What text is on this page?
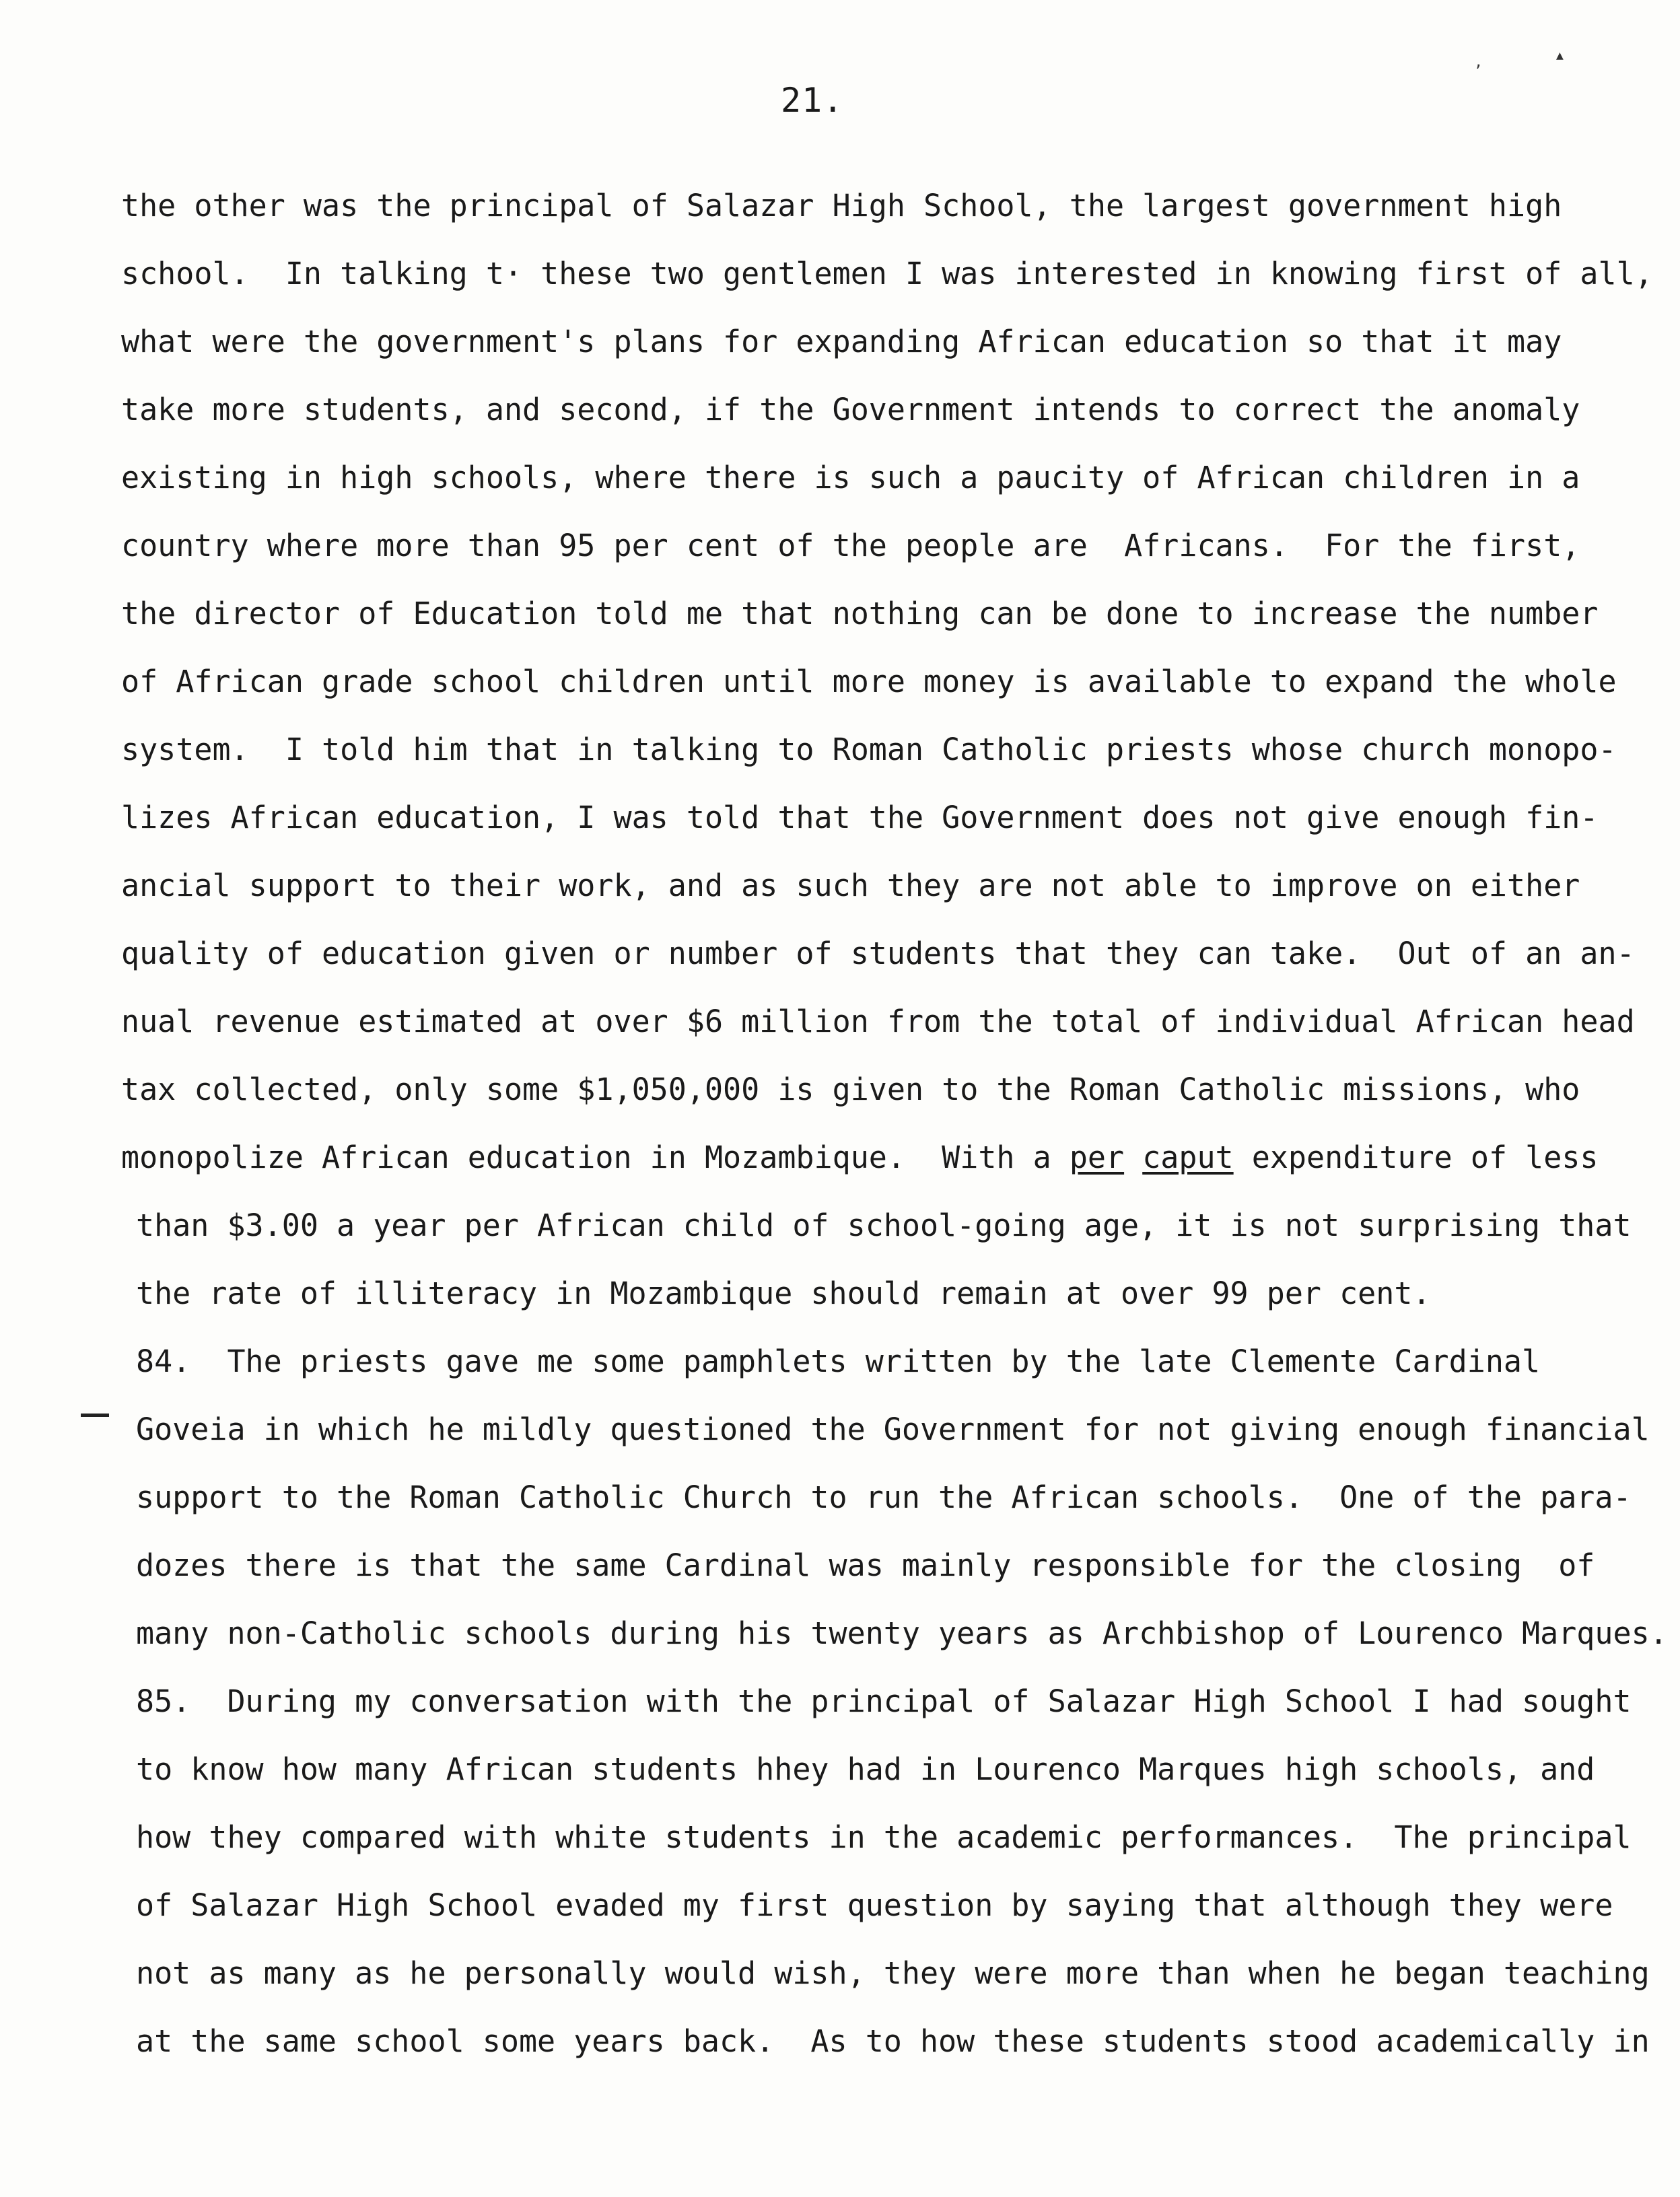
,	▲
21.
the other was the principal of Salazar High School, the largest government high
school.  In talking t· these two gentlemen I was interested in knowing first of all,
what were the government's plans for expanding African education so that it may
take more students, and second, if the Government intends to correct the anomaly
existing in high schools, where there is such a paucity of African children in a
country where more than 95 per cent of the people are  Africans.  For the first,
the director of Education told me that nothing can be done to increase the number
of African grade school children until more money is available to expand the whole
system.  I told him that in talking to Roman Catholic priests whose church monopo-
lizes African education, I was told that the Government does not give enough fin-
ancial support to their work, and as such they are not able to improve on either
quality of education given or number of students that they can take.  Out of an an-
nual revenue estimated at over $6 million from the total of individual African head
tax collected, only some $1,050,000 is given to the Roman Catholic missions, who
monopolize African education in Mozambique.  With a per caput expenditure of less
than $3.00 a year per African child of school-going age, it is not surprising that
the rate of illiteracy in Mozambique should remain at over 99 per cent.
84.  The priests gave me some pamphlets written by the late Clemente Cardinal
Goveia in which he mildly questioned the Government for not giving enough financial
support to the Roman Catholic Church to run the African schools.  One of the para-
dozes there is that the same Cardinal was mainly responsible for the closing  of
many non-Catholic schools during his twenty years as Archbishop of Lourenco Marques.
85.  During my conversation with the principal of Salazar High School I had sought
to know how many African students hhey had in Lourenco Marques high schools, and
how they compared with white students in the academic performances.  The principal
of Salazar High School evaded my first question by saying that although they were
not as many as he personally would wish, they were more than when he began teaching
at the same school some years back.  As to how these students stood academically in
